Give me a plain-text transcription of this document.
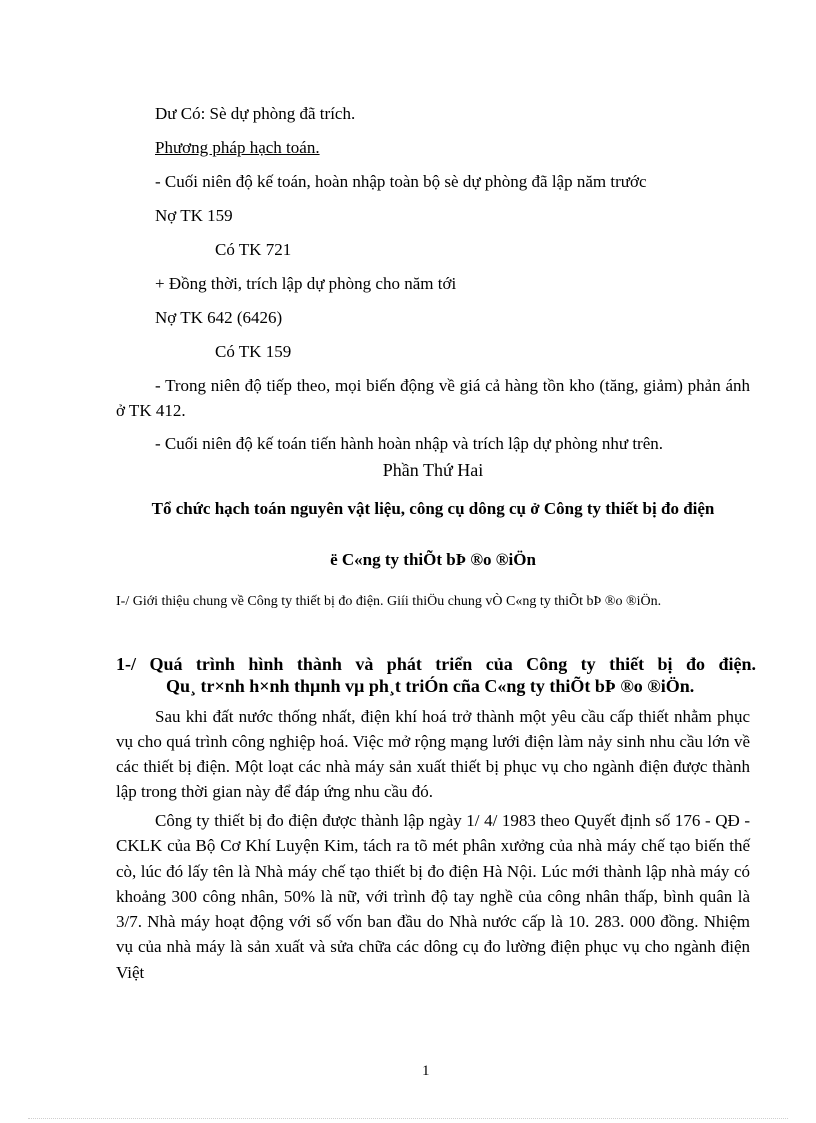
Dư Có: Sè dự phòng đã trích.
Phương pháp hạch toán.
- Cuối niên độ kế toán, hoàn nhập toàn bộ sè dự phòng đã lập năm trước
Nợ TK 159
Có TK 721
+ Đồng thời, trích lập dự phòng cho năm tới
Nợ TK 642 (6426)
Có TK 159
- Trong niên độ tiếp theo, mọi biến động về giá cả hàng tồn kho (tăng, giảm) phản ánh ở TK 412.
- Cuối niên độ kế toán tiến hành hoàn nhập và trích lập dự phòng như trên.
Phần Thứ Hai
Tổ chức hạch toán nguyên vật liệu, công cụ dông cụ ở Công ty thiết bị đo điện
ë C«ng ty thiÕt bÞ ®o ®iÖn
I-/ Giới thiệu chung về Công ty thiết bị đo điện. Giíi thiÖu chung vÒ C«ng ty thiÕt bÞ ®o ®iÖn.
1-/ Quá trình hình thành và phát triển của Công ty thiết bị đo điện.
Qu¸ tr×nh h×nh thµnh vµ ph¸t triÓn cña C«ng ty thiÕt bÞ ®o ®iÖn.
Sau khi đất nước thống nhất, điện khí hoá trở thành một yêu cầu cấp thiết nhằm phục vụ cho quá trình công nghiệp hoá. Việc mở rộng mạng lưới điện làm nảy sinh nhu cầu lớn về các thiết bị điện. Một loạt các nhà máy sản xuất thiết bị phục vụ cho ngành điện được thành lập trong thời gian này để đáp ứng nhu cầu đó.
Công ty thiết bị đo điện được thành lập ngày 1/ 4/ 1983 theo Quyết định số 176 - QĐ - CKLK của Bộ Cơ Khí Luyện Kim, tách ra tõ mét phân xưởng của nhà máy chế tạo biến thế cò, lúc đó lấy tên là Nhà máy chế tạo thiết bị đo điện Hà Nội. Lúc mới thành lập nhà máy có khoảng 300 công nhân, 50% là nữ, với trình độ tay nghề của công nhân thấp, bình quân là 3/7. Nhà máy hoạt động với số vốn ban đầu do Nhà nước cấp là 10. 283. 000 đồng. Nhiệm vụ của nhà máy là sản xuất và sửa chữa các dông cụ đo lường điện phục vụ cho ngành điện Việt
1
